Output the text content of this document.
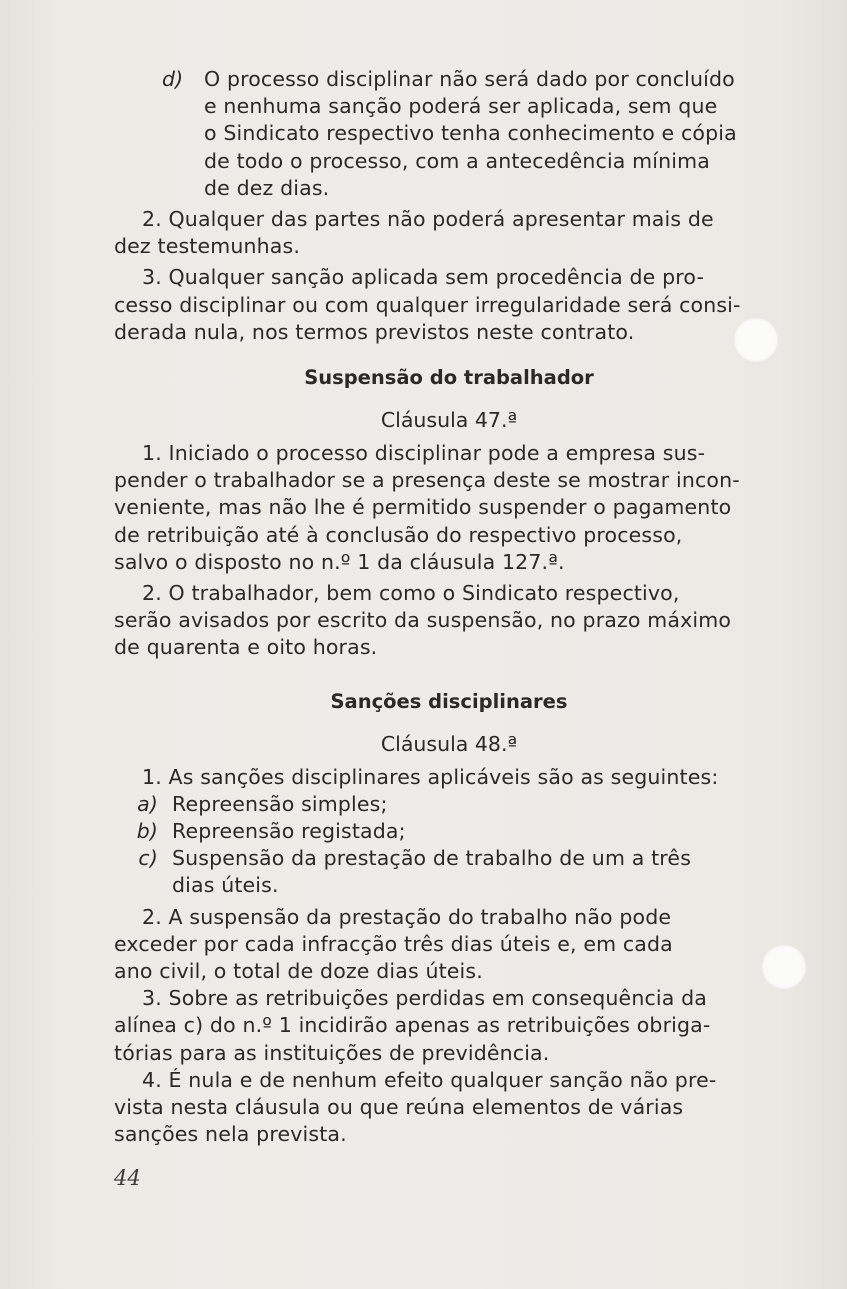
d)	O processo disciplinar não será dado por concluído
e nenhuma sanção poderá ser aplicada, sem que
o Sindicato respectivo tenha conhecimento e cópia
de todo o processo, com a antecedência mínima
de dez dias.
2. Qualquer das partes não poderá apresentar mais de
dez testemunhas.
3. Qualquer sanção aplicada sem procedência de pro-
cesso disciplinar ou com qualquer irregularidade será consi-
derada nula, nos termos previstos neste contrato.
Suspensão do trabalhador
Cláusula 47.ª
1. Iniciado o processo disciplinar pode a empresa sus-
pender o trabalhador se a presença deste se mostrar incon-
veniente, mas não lhe é permitido suspender o pagamento
de retribuição até à conclusão do respectivo processo,
salvo o disposto no n.º 1 da cláusula 127.ª.
2. O trabalhador, bem como o Sindicato respectivo,
serão avisados por escrito da suspensão, no prazo máximo
de quarenta e oito horas.
Sanções disciplinares
Cláusula 48.ª
1. As sanções disciplinares aplicáveis são as seguintes:
a) Repreensão simples;
b) Repreensão registada;
c) Suspensão da prestação de trabalho de um a três
dias úteis.
2. A suspensão da prestação do trabalho não pode
exceder por cada infracção três dias úteis e, em cada
ano civil, o total de doze dias úteis.
3. Sobre as retribuições perdidas em consequência da
alínea c) do n.º 1 incidirão apenas as retribuições obriga-
tórias para as instituições de previdência.
4. É nula e de nenhum efeito qualquer sanção não pre-
vista nesta cláusula ou que reúna elementos de várias
sanções nela prevista.
44
